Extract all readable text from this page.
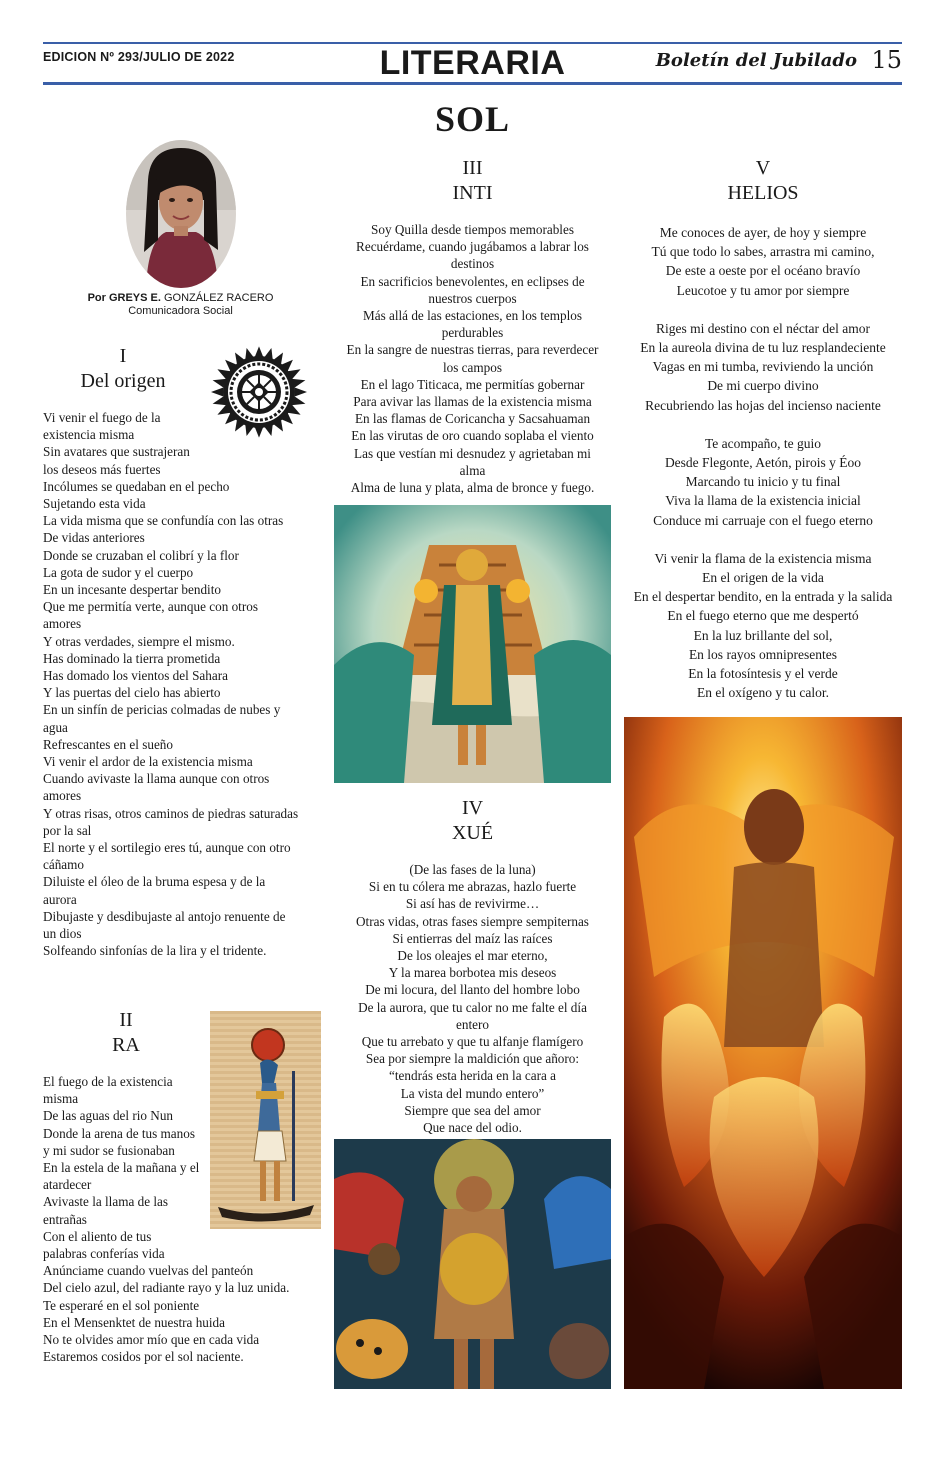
EDICION Nº 293/JULIO DE 2022	LITERARIA	Boletín del Jubilado 15
SOL
Por GREYS E. GONZÁLEZ RACERO
Comunicadora Social
I
Del origen
Vi venir el fuego de la
existencia misma
Sin avatares que sustrajeran
los deseos más fuertes
Incólumes se quedaban en el pecho
Sujetando esta vida
La vida misma que se confundía con las otras
De vidas anteriores
Donde se cruzaban el colibrí y la flor
La gota de sudor y el cuerpo
En un incesante despertar bendito
Que me permitía verte, aunque con otros
amores
Y otras verdades, siempre el mismo.
Has dominado la tierra prometida
Has domado los vientos del Sahara
Y las puertas del cielo has abierto
En un sinfín de pericias colmadas de nubes y
agua
Refrescantes en el sueño
Vi venir el ardor de la existencia misma
Cuando avivaste la llama aunque con otros
amores
Y otras risas, otros caminos de piedras saturadas
por la sal
El norte y el sortilegio eres tú, aunque con otro
cáñamo
Diluiste el óleo de la bruma espesa y de la
aurora
Dibujaste y desdibujaste al antojo renuente de
un dios
Solfeando sinfonías de la lira y el tridente.
II
RA
El fuego de la existencia
misma
De las aguas del rio Nun
Donde la arena de tus manos
y mi sudor se fusionaban
En la estela de la mañana y el
atardecer
Avivaste la llama de las
entrañas
Con el aliento de tus
palabras conferías vida
Anúnciame cuando vuelvas del panteón
Del cielo azul, del radiante rayo y la luz unida.
Te esperaré en el sol poniente
En el Mensenktet de nuestra huida
No te olvides amor mío que en cada vida
Estaremos cosidos por el sol naciente.
III
INTI
Soy Quilla desde tiempos memorables
Recuérdame, cuando jugábamos a labrar los
destinos
En sacrificios benevolentes, en eclipses de
nuestros cuerpos
Más allá de las estaciones, en los templos
perdurables
En la sangre de nuestras tierras, para reverdecer
los campos
En el lago Titicaca, me permitías gobernar
Para avivar las llamas de la existencia misma
En las flamas de Coricancha y Sacsahuaman
En las virutas de oro cuando soplaba el viento
Las que vestían mi desnudez y agrietaban mi
alma
Alma de luna y plata, alma de bronce y fuego.
IV
XUÉ
(De las fases de la luna)
Si en tu cólera me abrazas, hazlo fuerte
Si así has de revivirme…
Otras vidas, otras fases siempre sempiternas
Si entierras del maíz las raíces
De los oleajes el mar eterno,
Y la marea borbotea mis deseos
De mi locura, del llanto del hombre lobo
De la aurora, que tu calor no me falte el día
entero
Que tu arrebato y que tu alfanje flamígero
Sea por siempre la maldición que añoro:
“tendrás esta herida en la cara a
La vista del mundo entero”
Siempre que sea del amor
Que nace del odio.
V
HELIOS
Me conoces de ayer, de hoy y siempre
Tú que todo lo sabes, arrastra mi camino,
De este a oeste por el océano bravío
Leucotoe y tu amor por siempre
Riges mi destino con el néctar del amor
En la aureola divina de tu luz resplandeciente
Vagas en mi tumba, reviviendo la unción
De mi cuerpo divino
Recubriendo las hojas del incienso naciente
Te acompaño, te guio
Desde Flegonte, Aetón, pirois y Éoo
Marcando tu inicio y tu final
Viva la llama de la existencia inicial
Conduce mi carruaje con el fuego eterno
Vi venir la flama de la existencia misma
En el origen de la vida
En el despertar bendito, en la entrada y la salida
En el fuego eterno que me despertó
En la luz brillante del sol,
En los rayos omnipresentes
En la fotosíntesis y el verde
En el oxígeno y tu calor.
